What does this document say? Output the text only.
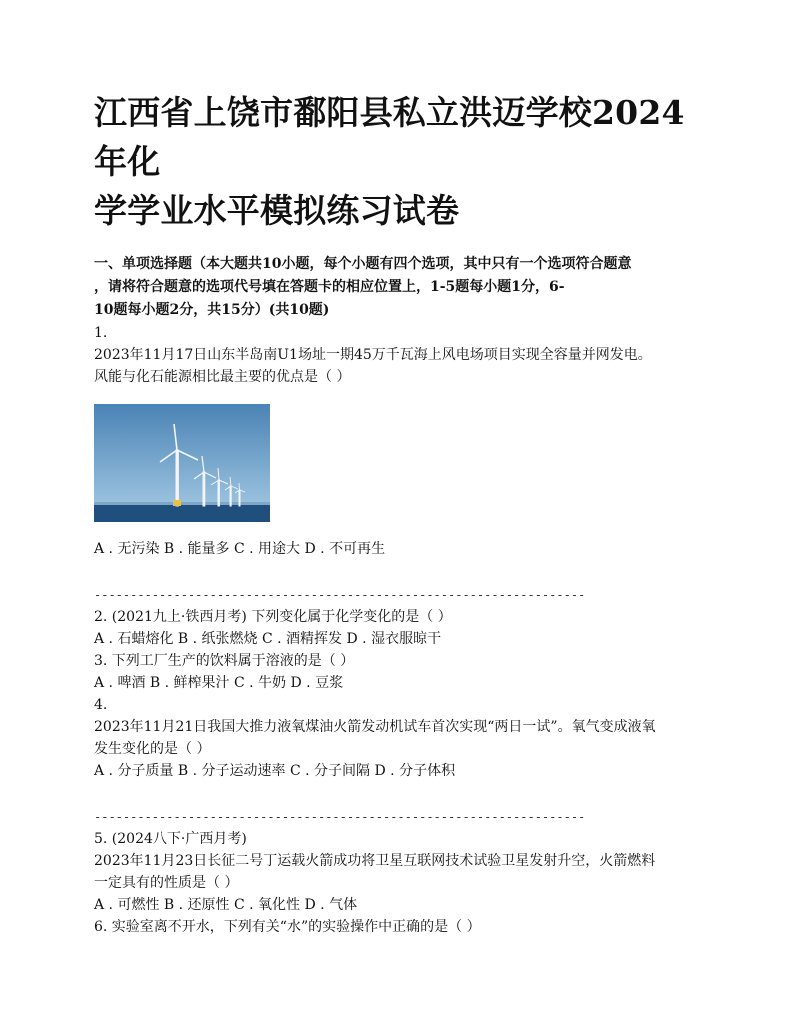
江西省上饶市鄱阳县私立洪迈学校2024年化
学学业水平模拟练习试卷
一、单项选择题（本大题共10小题，每个小题有四个选项，其中只有一个选项符合题意
，请将符合题意的选项代号填在答题卡的相应位置上，1-5题每小题1分，6-
10题每小题2分，共15分）(共10题)
1.
2023年11月17日山东半岛南U1场址一期45万千瓦海上风电场项目实现全容量并网发电。
风能与化石能源相比最主要的优点是（ ）
A . 无污染 B . 能量多 C . 用途大 D . 不可再生
--------------------------------------------------------------------
2. (2021九上·铁西月考) 下列变化属于化学变化的是（ ）
A . 石蜡熔化 B . 纸张燃烧 C . 酒精挥发 D . 湿衣服晾干
3. 下列工厂生产的饮料属于溶液的是（ ）
A . 啤酒 B . 鲜榨果汁 C . 牛奶 D . 豆浆
4.
2023年11月21日我国大推力液氧煤油火箭发动机试车首次实现“两日一试”。氧气变成液氧
发生变化的是（ ）
A . 分子质量 B . 分子运动速率 C . 分子间隔 D . 分子体积
--------------------------------------------------------------------
5. (2024八下·广西月考)
2023年11月23日长征二号丁运载火箭成功将卫星互联网技术试验卫星发射升空，火箭燃料
一定具有的性质是（ ）
A . 可燃性 B . 还原性 C . 氧化性 D . 气体
6. 实验室离不开水，下列有关“水”的实验操作中正确的是（ ）
